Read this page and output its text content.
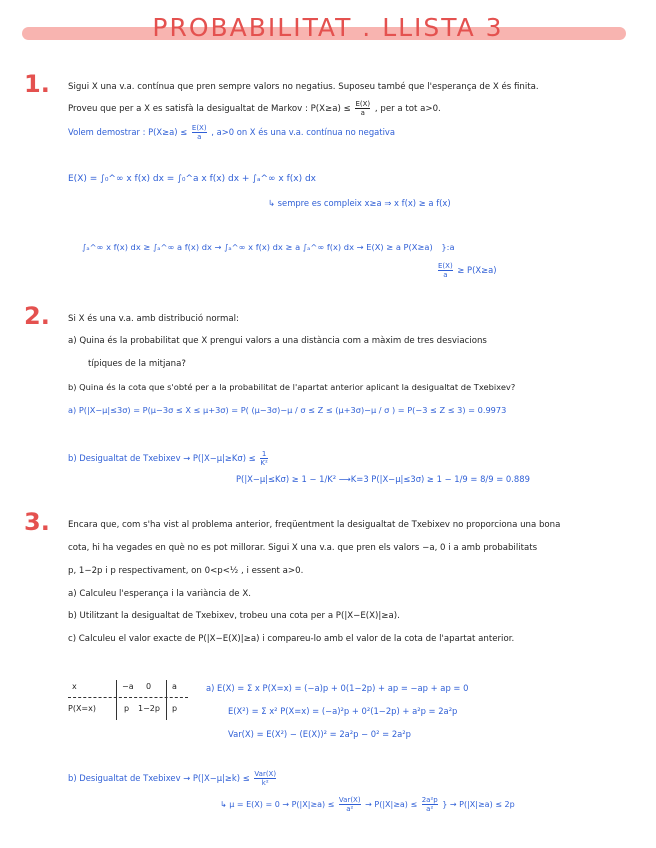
PROBABILITAT . LLISTA 3
1. Sigui X una v.a. contínua que pren sempre valors no negatius. Suposeu també que l'esperança de X és finita.
Proveu que per a X es satisfà la desigualtat de Markov : $P(X\ge a) \le \frac{E(X)}{a}$ , per a tot a>0.
Volem demostrar : $P(X\ge a) \le \frac{E(X)}{a}$ , a>0 on X és una v.a. contínua no negativa
E(X) = ∫₀^∞ x f(x) dx = ∫₀^a x f(x) dx + ∫ₐ^∞ x f(x) dx
↳ sempre es compleix x≥a ⇒ x f(x) ≥ a f(x)
∫ₐ^∞ x f(x) dx ≥ ∫ₐ^∞ a f(x) dx → ∫ₐ^∞ x f(x) dx ≥ a ∫ₐ^∞ f(x) dx → E(X) ≥ a P(X≥a) }:a
$\frac{E(X)}{a} \ge P(X\ge a)$
2. Si X és una v.a. amb distribució normal:
a) Quina és la probabilitat que X prengui valors a una distància com a màxim de tres desviacions
típiques de la mitjana?
b) Quina és la cota que s'obté per a la probabilitat de l'apartat anterior aplicant la desigualtat de Txebixev?
a) P(|X−μ|≤3σ) = P(μ−3σ ≤ X ≤ μ+3σ) = P( (μ−3σ)−μ / σ ≤ Z ≤ (μ+3σ)−μ / σ ) = P(−3 ≤ Z ≤ 3) = 0.9973
b) Desigualtat de Txebixev → $P(|X-\mu|\ge K\sigma) \le \frac{1}{\text{K²}}$
P(|X−μ|≤Kσ) ≥ 1 − 1/K² ⟶K=3 P(|X−μ|≤3σ) ≥ 1 − 1/9 = 8/9 = 0.889
3. Encara que, com s'ha vist al problema anterior, freqüentment la desigualtat de Txebixev no proporciona una bona
cota, hi ha vegades en què no es pot millorar. Sigui X una v.a. que pren els valors −a, 0 i a amb probabilitats
p, 1−2p i p respectivament, on 0<p<½ , i essent a>0.
a) Calculeu l'esperança i la variància de X.
b) Utilitzant la desigualtat de Txebixev, trobeu una cota per a P(|X−E(X)|≥a).
c) Calculeu el valor exacte de P(|X−E(X)|≥a) i compareu-lo amb el valor de la cota de l'apartat anterior.
x	−a 0	a
P(X=x)	p 1−2p p
a) E(X) = Σ x P(X=x) = (−a)p + 0(1−2p) + ap = −ap + ap = 0
E(X²) = Σ x² P(X=x) = (−a)²p + 0²(1−2p) + a²p = 2a²p
Var(X) = E(X²) − (E(X))² = 2a²p − 0² = 2a²p
b) Desigualtat de Txebixev → $P(|X-\mu|\ge k) \le \frac{\text{Var(X)}}{\text{k²}}$
↳ $\mu = E(X) = 0 \to P(|X|\ge a) \le \frac{\text{Var(X)}}{\text{a²}} \to P(|X|\ge a) \le \frac{\text{2a²p}}{\text{a²}}$ } → P(|X|≥a) ≤ 2p
